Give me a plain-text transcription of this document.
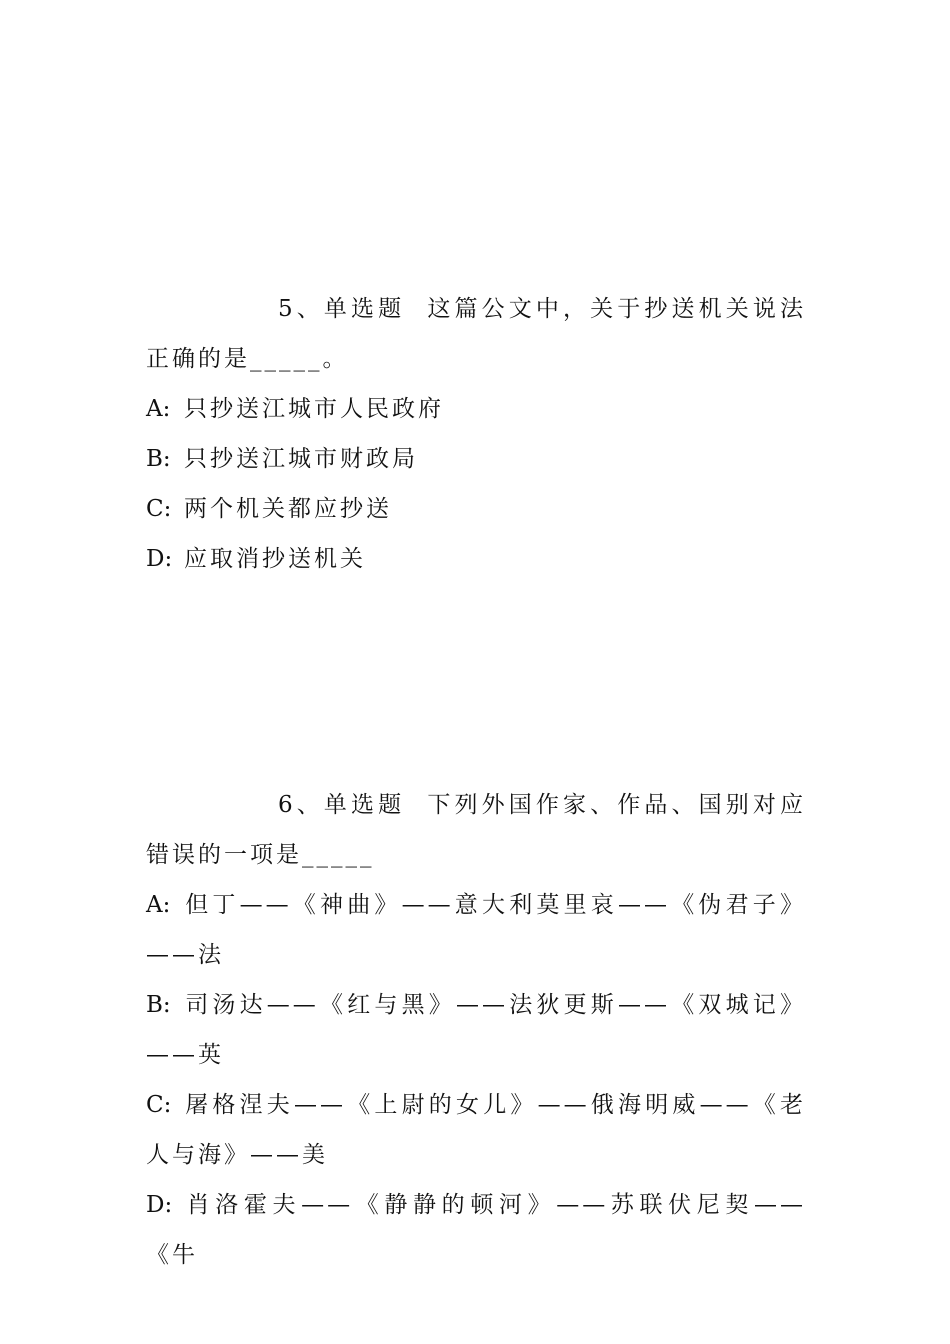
5、单选题 这篇公文中，关于抄送机关说法正确的是_____。

A: 只抄送江城市人民政府

B: 只抄送江城市财政局

C: 两个机关都应抄送

D: 应取消抄送机关

6、单选题 下列外国作家、作品、国别对应错误的一项是_____

A: 但丁——《神曲》——意大利莫里哀——《伪君子》——法

B: 司汤达——《红与黑》——法狄更斯——《双城记》——英

C: 屠格涅夫——《上尉的女儿》——俄海明威——《老人与海》——美

D: 肖洛霍夫——《静静的顿河》——苏联伏尼契——《牛
